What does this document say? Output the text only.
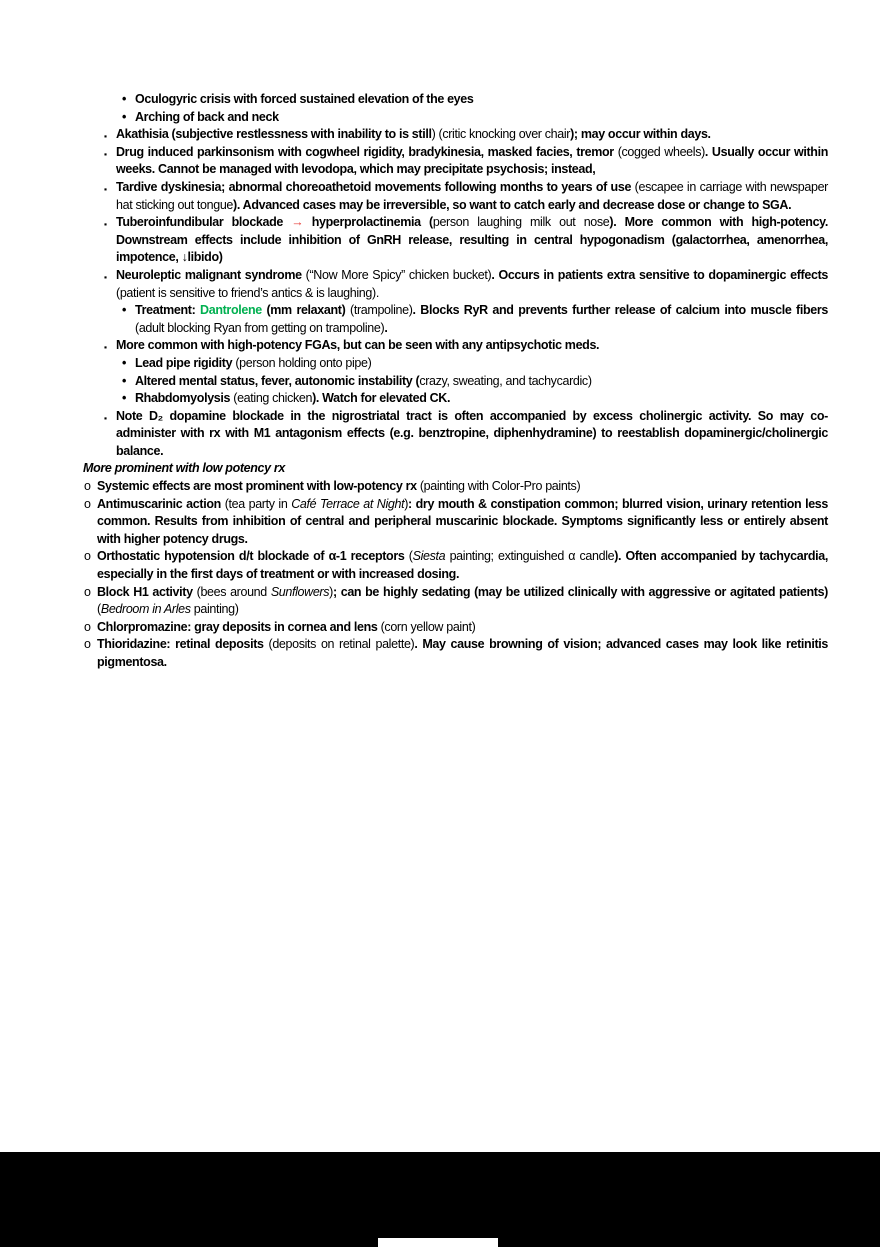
• Oculogyric crisis with forced sustained elevation of the eyes
• Arching of back and neck
▪ Akathisia (subjective restlessness with inability to is still) (critic knocking over chair); may occur within days.
▪ Drug induced parkinsonism with cogwheel rigidity, bradykinesia, masked facies, tremor (cogged wheels). Usually occur within weeks. Cannot be managed with levodopa, which may precipitate psychosis; instead,
▪ Tardive dyskinesia; abnormal choreoathetoid movements following months to years of use (escapee in carriage with newspaper hat sticking out tongue). Advanced cases may be irreversible, so want to catch early and decrease dose or change to SGA.
▪ Tuberoinfundibular blockade → hyperprolactinemia (person laughing milk out nose). More common with high-potency. Downstream effects include inhibition of GnRH release, resulting in central hypogonadism (galactorrhea, amenorrhea, impotence, ↓libido)
▪ Neuroleptic malignant syndrome (“Now More Spicy” chicken bucket). Occurs in patients extra sensitive to dopaminergic effects (patient is sensitive to friend’s antics & is laughing).
• Treatment: Dantrolene (mm relaxant) (trampoline). Blocks RyR and prevents further release of calcium into muscle fibers (adult blocking Ryan from getting on trampoline).
▪ More common with high-potency FGAs, but can be seen with any antipsychotic meds.
• Lead pipe rigidity (person holding onto pipe)
• Altered mental status, fever, autonomic instability (crazy, sweating, and tachycardic)
• Rhabdomyolysis (eating chicken). Watch for elevated CK.
▪ Note D₂ dopamine blockade in the nigrostriatal tract is often accompanied by excess cholinergic activity. So may co-administer with rx with M1 antagonism effects (e.g. benztropine, diphenhydramine) to reestablish dopaminergic/cholinergic balance.
More prominent with low potency rx
o Systemic effects are most prominent with low-potency rx (painting with Color-Pro paints)
o Antimuscarinic action (tea party in Café Terrace at Night): dry mouth & constipation common; blurred vision, urinary retention less common. Results from inhibition of central and peripheral muscarinic blockade. Symptoms significantly less or entirely absent with higher potency drugs.
o Orthostatic hypotension d/t blockade of α-1 receptors (Siesta painting; extinguished α candle). Often accompanied by tachycardia, especially in the first days of treatment or with increased dosing.
o Block H1 activity (bees around Sunflowers); can be highly sedating (may be utilized clinically with aggressive or agitated patients) (Bedroom in Arles painting)
o Chlorpromazine: gray deposits in cornea and lens (corn yellow paint)
o Thioridazine: retinal deposits (deposits on retinal palette). May cause browning of vision; advanced cases may look like retinitis pigmentosa.
